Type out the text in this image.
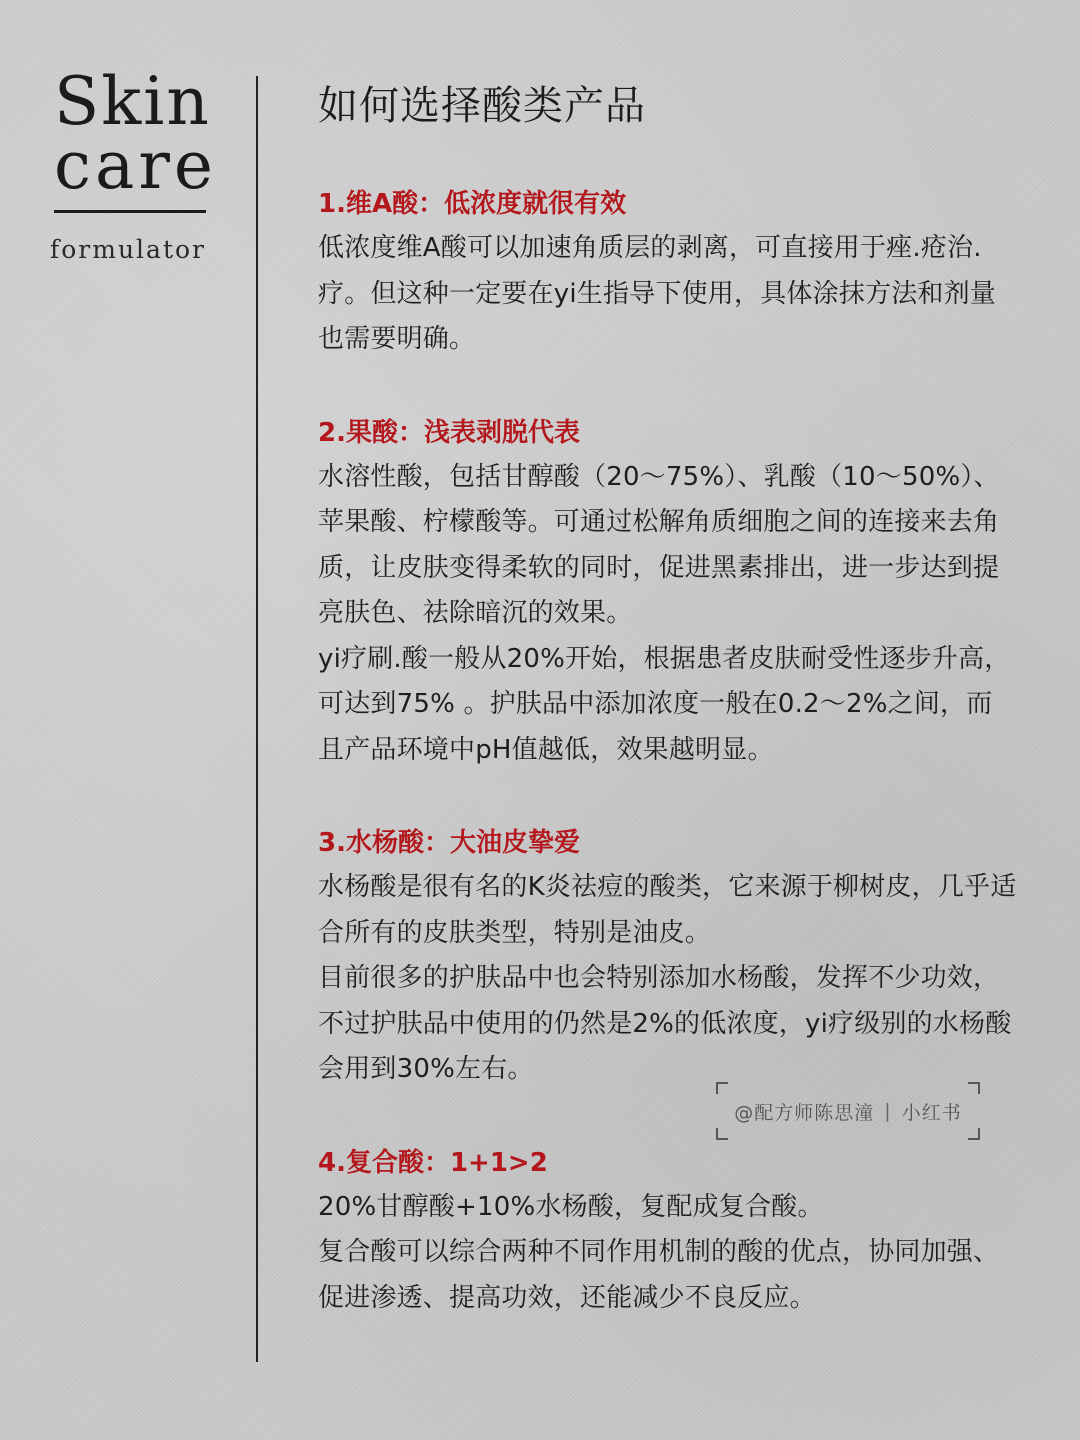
Skin
care
formulator
如何选择酸类产品
1.维A酸：低浓度就很有效

低浓度维A酸可以加速角质层的剥离，可直接用于痤.疮治.疗。但这种一定要在yi生指导下使用，具体涂抹方法和剂量也需要明确。

2.果酸：浅表剥脱代表

水溶性酸，包括甘醇酸（20～75%）、乳酸（10～50%）、苹果酸、柠檬酸等。可通过松解角质细胞之间的连接来去角质，让皮肤变得柔软的同时，促进黑素排出，进一步达到提亮肤色、祛除暗沉的效果。

yi疗刷.酸一般从20%开始，根据患者皮肤耐受性逐步升高，可达到75% 。护肤品中添加浓度一般在0.2～2%之间，而且产品环境中pH值越低，效果越明显。

3.水杨酸：大油皮挚爱

水杨酸是很有名的K炎祛痘的酸类，它来源于柳树皮，几乎适合所有的皮肤类型，特别是油皮。

目前很多的护肤品中也会特别添加水杨酸，发挥不少功效，不过护肤品中使用的仍然是2%的低浓度，yi疗级别的水杨酸会用到30%左右。

4.复合酸：1+1>2

20%甘醇酸+10%水杨酸，复配成复合酸。

复合酸可以综合两种不同作用机制的酸的优点，协同加强、促进渗透、提高功效，还能减少不良反应。

@配方师陈思潼 | 小红书
